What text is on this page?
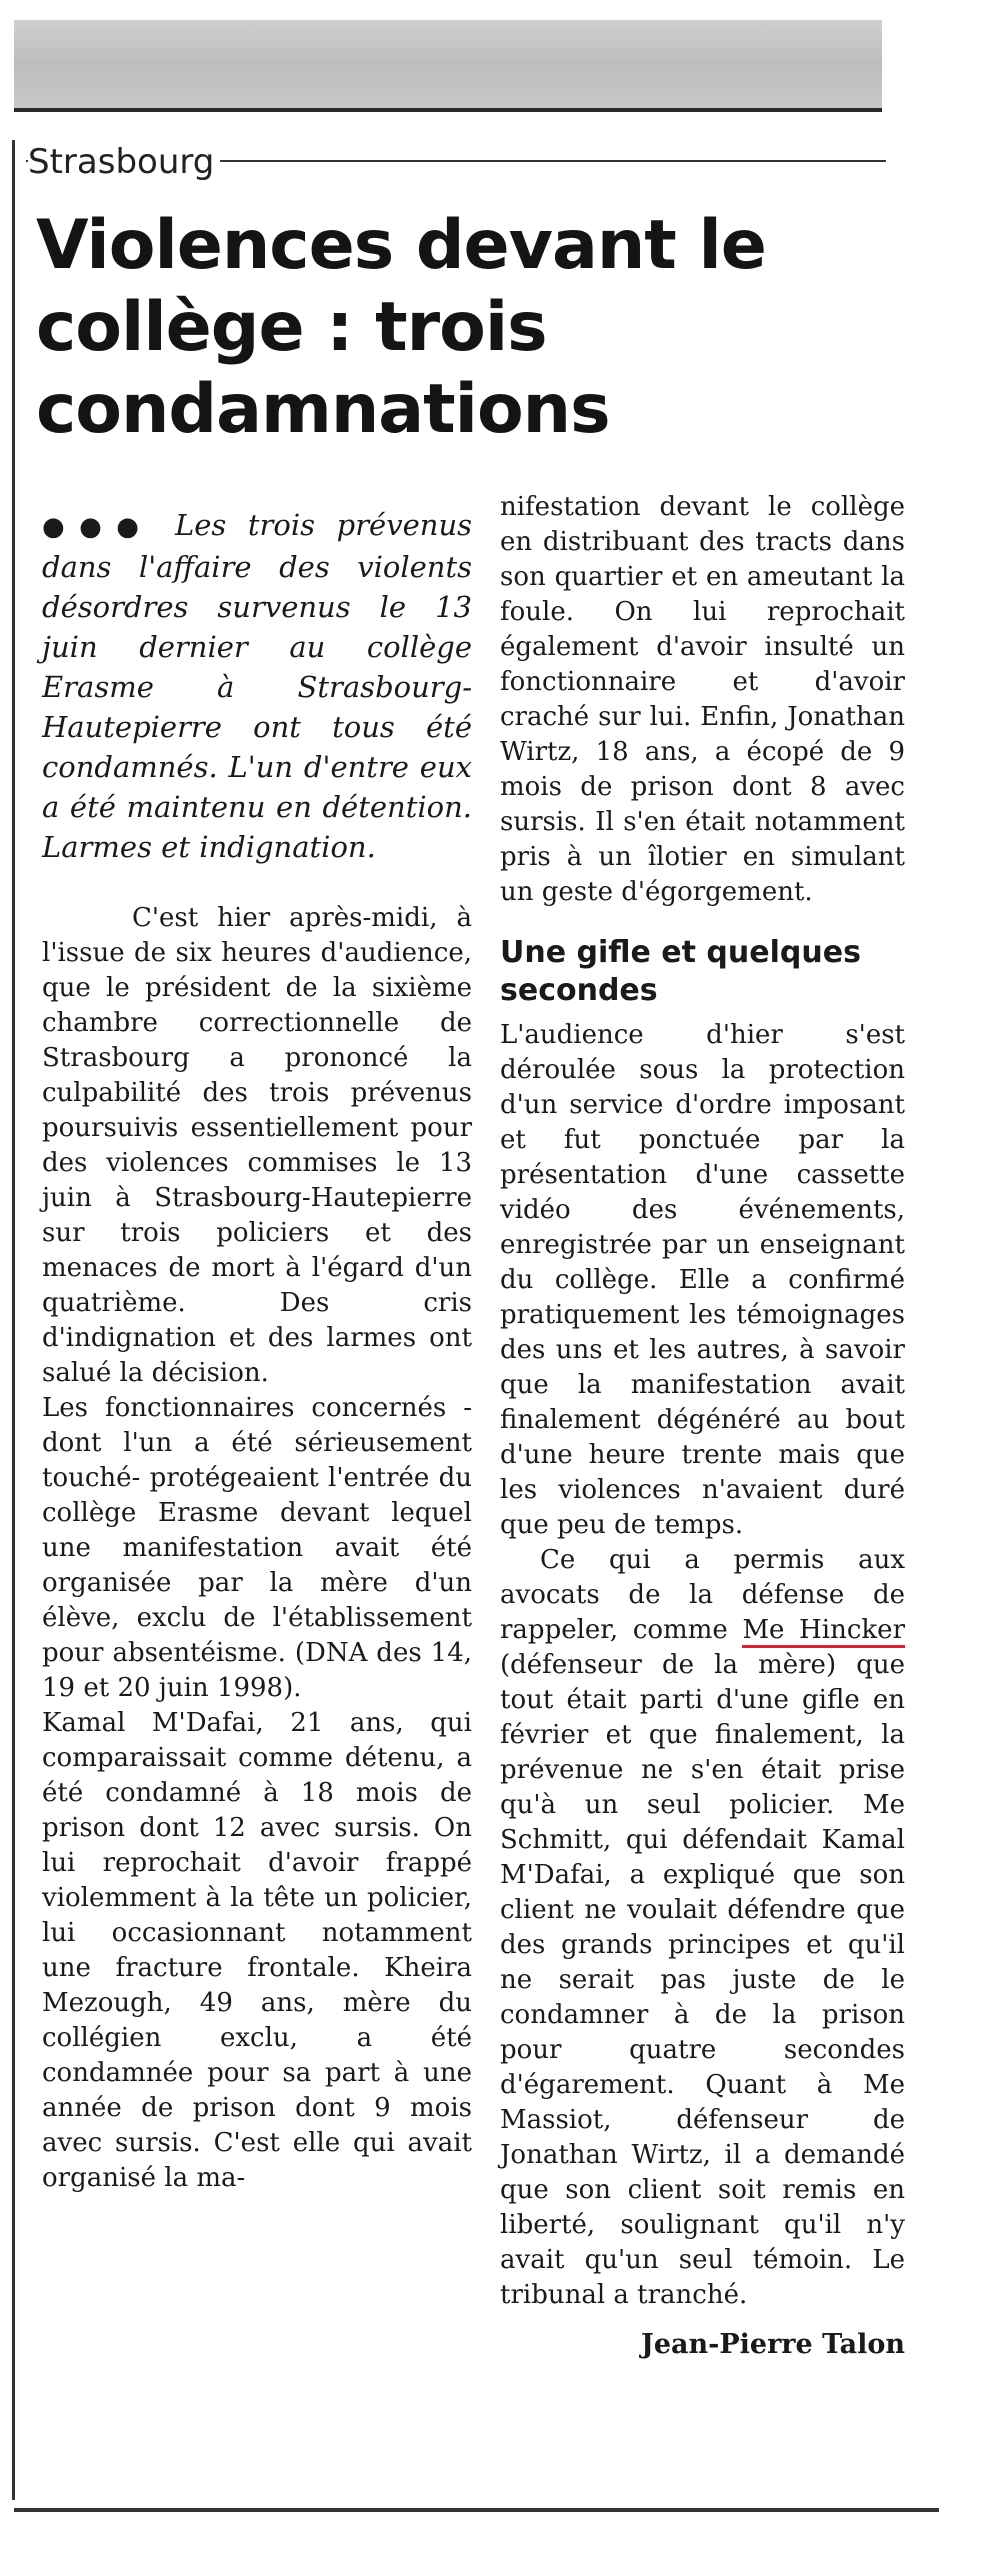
Strasbourg
Violences devant le collège : trois condamnations

●●● Les trois prévenus dans l'affaire des violents désordres survenus le 13 juin dernier au collège Erasme à Strasbourg-Hautepierre ont tous été condamnés. L'un d'entre eux a été maintenu en détention. Larmes et indignation.

C'est hier après-midi, à l'issue de six heures d'audience, que le président de la sixième chambre correctionnelle de Strasbourg a prononcé la culpabilité des trois prévenus poursuivis essentiellement pour des violences commises le 13 juin à Strasbourg-Hautepierre sur trois policiers et des menaces de mort à l'égard d'un quatrième. Des cris d'indignation et des larmes ont salué la décision.

Les fonctionnaires concernés -dont l'un a été sérieusement touché- protégeaient l'entrée du collège Erasme devant lequel une manifestation avait été organisée par la mère d'un élève, exclu de l'établissement pour absentéisme. (DNA des 14, 19 et 20 juin 1998).

Kamal M'Dafai, 21 ans, qui comparaissait comme détenu, a été condamné à 18 mois de prison dont 12 avec sursis. On lui reprochait d'avoir frappé violemment à la tête un policier, lui occasionnant notamment une fracture frontale. Kheira Mezough, 49 ans, mère du collégien exclu, a été condamnée pour sa part à une année de prison dont 9 mois avec sursis. C'est elle qui avait organisé la ma-

nifestation devant le collège en distribuant des tracts dans son quartier et en ameutant la foule. On lui reprochait également d'avoir insulté un fonctionnaire et d'avoir craché sur lui. Enfin, Jonathan Wirtz, 18 ans, a écopé de 9 mois de prison dont 8 avec sursis. Il s'en était notamment pris à un îlotier en simulant un geste d'égorgement.

Une gifle et quelques secondes

L'audience d'hier s'est déroulée sous la protection d'un service d'ordre imposant et fut ponctuée par la présentation d'une cassette vidéo des événements, enregistrée par un enseignant du collège. Elle a confirmé pratiquement les témoignages des uns et les autres, à savoir que la manifestation avait finalement dégénéré au bout d'une heure trente mais que les violences n'avaient duré que peu de temps.

Ce qui a permis aux avocats de la défense de rappeler, comme Me Hincker (défenseur de la mère) que tout était parti d'une gifle en février et que finalement, la prévenue ne s'en était prise qu'à un seul policier. Me Schmitt, qui défendait Kamal M'Dafai, a expliqué que son client ne voulait défendre que des grands principes et qu'il ne serait pas juste de le condamner à de la prison pour quatre secondes d'égarement. Quant à Me Massiot, défenseur de Jonathan Wirtz, il a demandé que son client soit remis en liberté, soulignant qu'il n'y avait qu'un seul témoin. Le tribunal a tranché.

Jean-Pierre Talon
